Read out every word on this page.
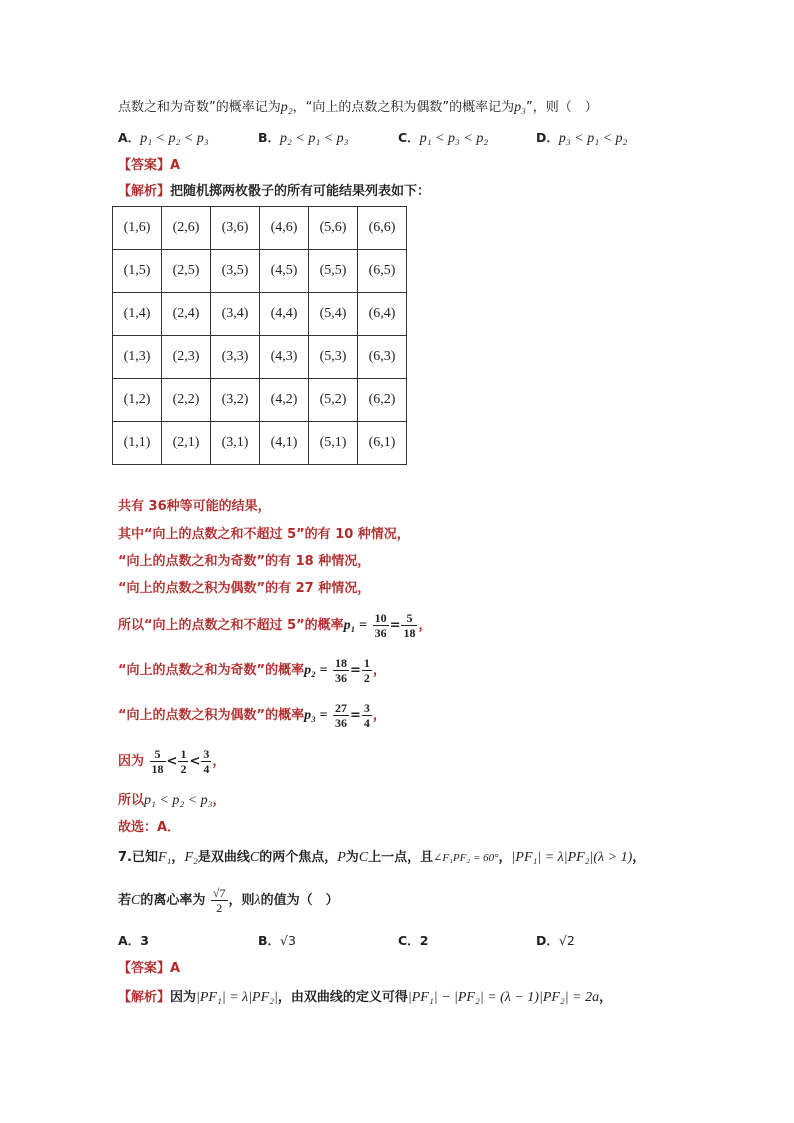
点数之和为奇数”的概率记为p₂，“向上的点数之积为偶数”的概率记为p₃”，则（　）
A．p₁ < p₂ < p₃	B．p₂ < p₁ < p₃	C．p₁ < p₃ < p₂	D．p₃ < p₁ < p₂
【答案】A
【解析】把随机掷两枚骰子的所有可能结果列表如下：
(1,6)	(2,6)	(3,6)	(4,6)	(5,6)	(6,6)
(1,5)	(2,5)	(3,5)	(4,5)	(5,5)	(6,5)
(1,4)	(2,4)	(3,4)	(4,4)	(5,4)	(6,4)
(1,3)	(2,3)	(3,3)	(4,3)	(5,3)	(6,3)
(1,2)	(2,2)	(3,2)	(4,2)	(5,2)	(6,2)
(1,1)	(2,1)	(3,1)	(4,1)	(5,1)	(6,1)
共有 36种等可能的结果，
其中“向上的点数之和不超过 5”的有 10 种情况，
“向上的点数之和为奇数”的有 18 种情况，
“向上的点数之积为偶数”的有 27 种情况，
所以“向上的点数之和不超过 5”的概率$p_1 = \frac{10}{36} = \frac{5}{18}$ ，
“向上的点数之和为奇数”的概率$p_2 = \frac{18}{36} = \frac{1}{2}$ ，
“向上的点数之积为偶数”的概率$p_3 = \frac{27}{36} = \frac{3}{4}$ ，
因为 $\frac{5}{18} < \frac{1}{2} < \frac{3}{4}$ ，
所以p₁ < p₂ < p₃，
故选：A．
7.已知F₁，F₂是双曲线C的两个焦点，P为C上一点，且∠F₁PF₂ = 60°，|PF₁| = λ|PF₂|(λ > 1)，
若C的离心率为 $\frac{√7}{2}$ ，则λ的值为（　）
A．3	B．√3	C．2	D．√2
【答案】A
【解析】因为|PF₁| = λ|PF₂|，由双曲线的定义可得|PF₁| − |PF₂| = (λ − 1)|PF₂| = 2a，
